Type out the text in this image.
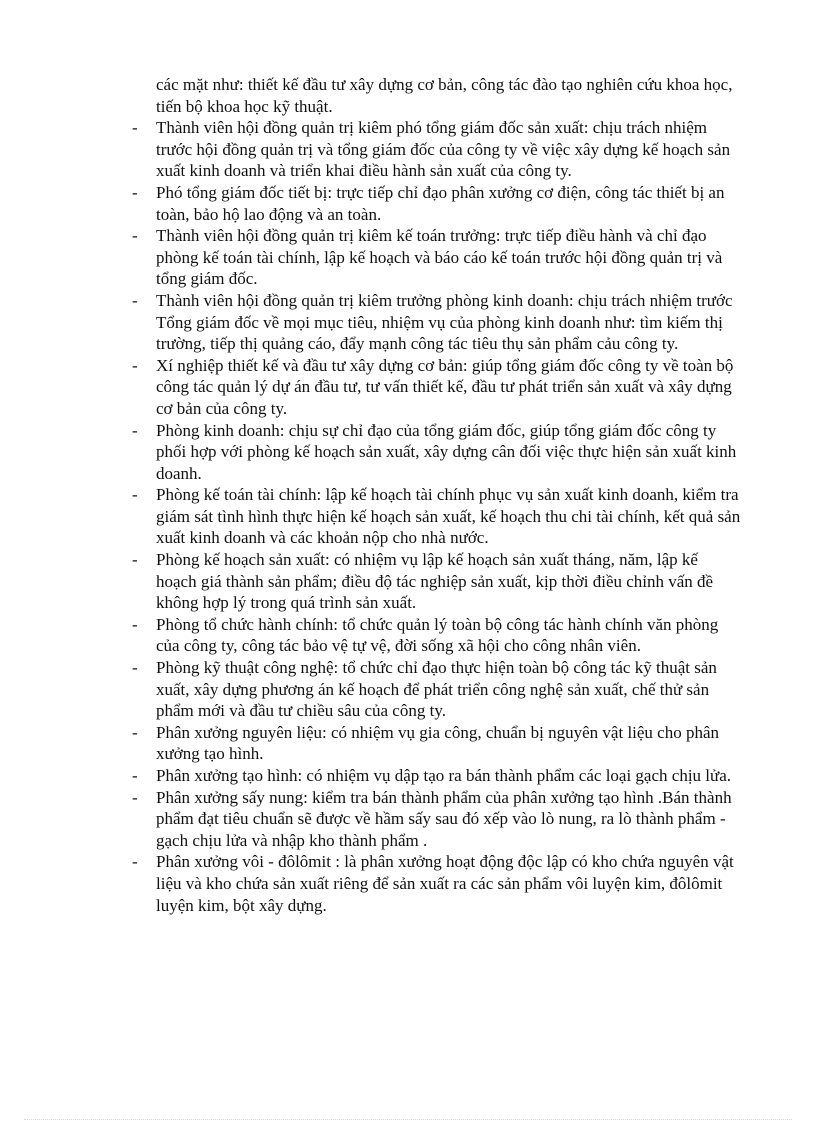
các mặt như: thiết kế đầu tư xây dựng cơ bản, công tác đào tạo nghiên cứu khoa học, tiến bộ khoa học kỹ thuật.

-	Thành viên hội đồng quản trị kiêm phó tổng giám đốc sản xuất: chịu trách nhiệm trước hội đồng quản trị và tổng giám đốc của công ty về việc xây dựng kế hoạch sản xuất kinh doanh và triển khai điều hành sản xuất của công ty.
-	Phó tổng giám đốc tiết bị: trực tiếp chỉ đạo phân xưởng cơ điện, công tác thiết bị an toàn, bảo hộ lao động và an toàn.
-	Thành viên hội đồng quản trị kiêm kế toán trưởng: trực tiếp điều hành và chỉ đạo phòng kế toán tài chính, lập kế hoạch và báo cáo kế toán trước hội đồng quản trị và tổng giám đốc.
-	Thành viên hội đồng quản trị kiêm trưởng phòng kinh doanh: chịu trách nhiệm trước Tổng giám đốc về mọi mục tiêu, nhiệm vụ của phòng kinh doanh như: tìm kiếm thị trường, tiếp thị quảng cáo, đẩy mạnh công tác tiêu thụ sản phẩm cảu công ty.
-	Xí nghiệp thiết kế và đầu tư xây dựng cơ bản: giúp tổng giám đốc công ty về toàn bộ công tác quản lý dự án đầu tư, tư vấn thiết kế, đầu tư phát triển sản xuất và xây dựng cơ bản của công ty.
-	Phòng kinh doanh: chịu sự chỉ đạo của tổng giám đốc, giúp tổng giám đốc công ty phối hợp với phòng kế hoạch sản xuất, xây dựng cân đối việc thực hiện sản xuất kinh doanh.
-	Phòng kế toán tài chính: lập kế hoạch tài chính phục vụ sản xuất kinh doanh, kiểm tra giám sát tình hình thực hiện kế hoạch sản xuất, kế hoạch thu chi tài chính, kết quả sản xuất kinh doanh và các khoản nộp cho nhà nước.
-	Phòng kế hoạch sản xuất: có nhiệm vụ lập kế hoạch sản xuất tháng, năm, lập kế hoạch giá thành sản phẩm; điều độ tác nghiệp sản xuất, kịp thời điều chỉnh vấn đề không hợp lý trong quá trình sản xuất.
-	Phòng tổ chức hành chính: tổ chức quản lý toàn bộ công tác hành chính văn phòng của công ty, công tác bảo vệ tự vệ, đời sống xã hội cho công nhân viên.
-	Phòng kỹ thuật công nghệ: tổ chức chỉ đạo thực hiện toàn bộ công tác kỹ thuật sản xuất, xây dựng phương án kế hoạch để phát triển công nghệ sản xuất, chế thử sản phẩm mới và đầu tư chiều sâu của công ty.
-	Phân xưởng nguyên liệu: có nhiệm vụ gia công, chuẩn bị nguyên vật liệu cho phân xưởng tạo hình.
-	Phân xưởng tạo hình: có nhiệm vụ dập tạo ra bán thành phẩm các loại gạch chịu lửa.
-	Phân xưởng sấy nung: kiểm tra bán thành phẩm của phân xưởng tạo hình .Bán thành phẩm đạt tiêu chuẩn sẽ được về hầm sấy sau đó xếp vào lò nung, ra lò thành phẩm - gạch chịu lửa và nhập kho thành phẩm .
-	Phân xưởng vôi - đôlômit : là phân xưởng hoạt động độc lập có kho chứa nguyên vật liệu và kho chứa sản xuất riêng để sản xuất ra các sản phẩm vôi luyện kim, đôlômit luyện kim, bột xây dựng.
